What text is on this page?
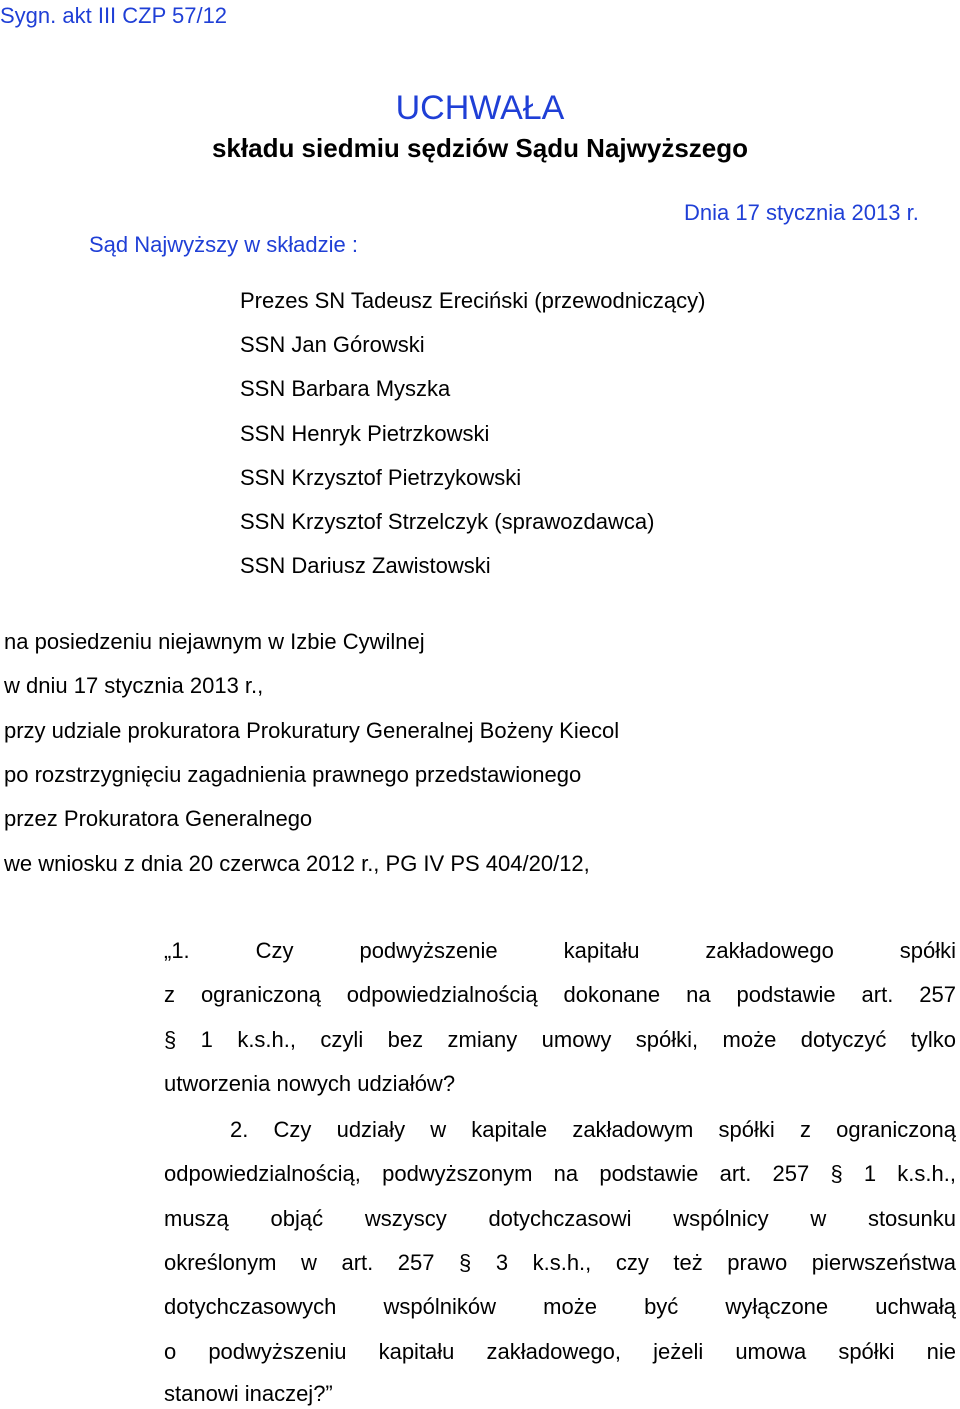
Sygn. akt III CZP 57/12
UCHWAŁA
składu siedmiu sędziów Sądu Najwyższego
Dnia 17 stycznia 2013 r.
Sąd Najwyższy w składzie :
Prezes SN Tadeusz Ereciński (przewodniczący)
SSN Jan Górowski
SSN Barbara Myszka
SSN Henryk Pietrzkowski
SSN Krzysztof Pietrzykowski
SSN Krzysztof Strzelczyk (sprawozdawca)
SSN Dariusz Zawistowski
na posiedzeniu niejawnym w Izbie Cywilnej
w dniu 17 stycznia 2013 r.,
przy udziale prokuratora Prokuratury Generalnej Bożeny Kiecol
po rozstrzygnięciu zagadnienia prawnego przedstawionego
przez Prokuratora Generalnego
we wniosku z dnia 20 czerwca 2012 r., PG IV PS 404/20/12,
„1. Czy podwyższenie kapitału zakładowego spółki
z ograniczoną odpowiedzialnością dokonane na podstawie art. 257
§ 1 k.s.h., czyli bez zmiany umowy spółki, może dotyczyć tylko
utworzenia nowych udziałów?
2. Czy udziały w kapitale zakładowym spółki z ograniczoną
odpowiedzialnością, podwyższonym na podstawie art. 257 § 1 k.s.h.,
muszą objąć wszyscy dotychczasowi wspólnicy w stosunku
określonym w art. 257 § 3 k.s.h., czy też prawo pierwszeństwa
dotychczasowych wspólników może być wyłączone uchwałą
o podwyższeniu kapitału zakładowego, jeżeli umowa spółki nie
stanowi inaczej?”
